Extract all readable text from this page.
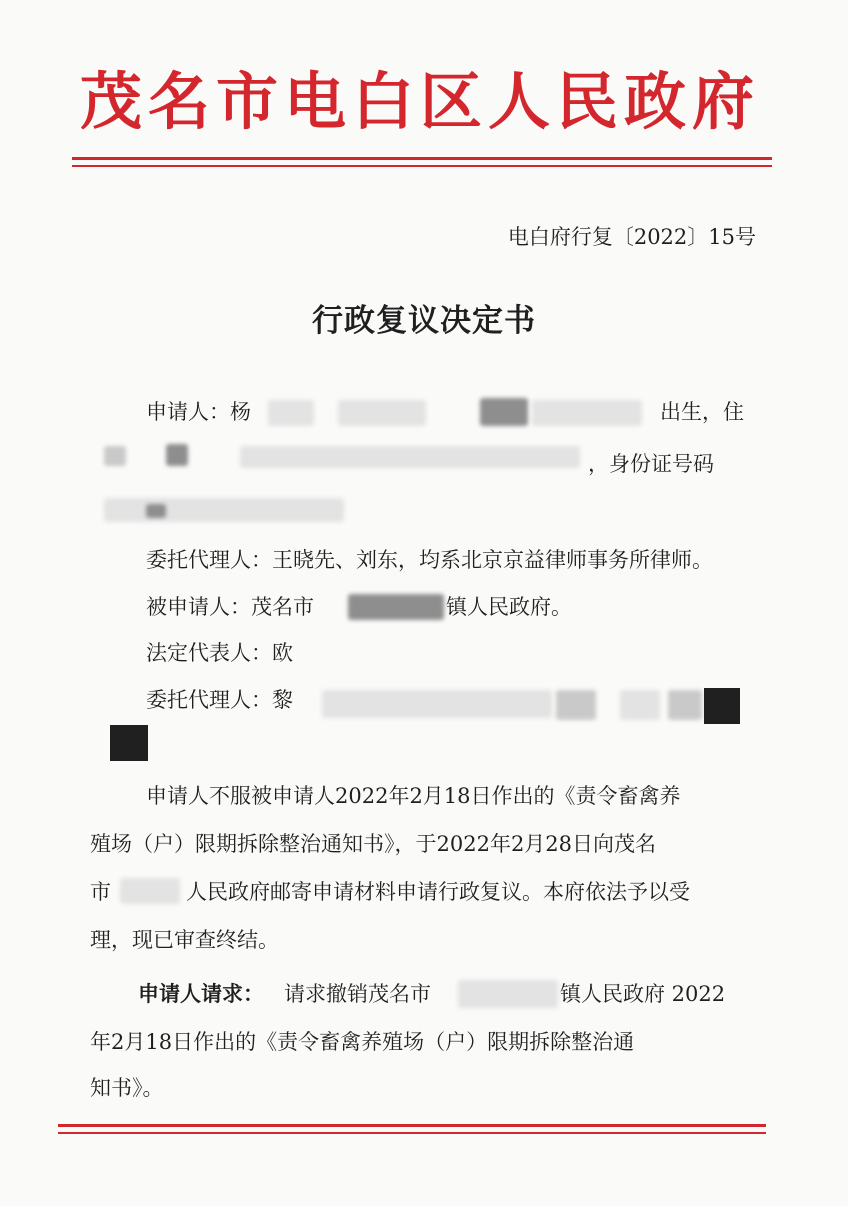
茂名市电白区人民政府
电白府行复〔2022〕15号
行政复议决定书
申请人：杨	出生，住
，身份证号码
委托代理人：王晓先、刘东，均系北京京益律师事务所律师。
被申请人：茂名市	镇人民政府。
法定代表人：欧
委托代理人：黎
申请人不服被申请人2022年2月18日作出的《责令畜禽养
殖场（户）限期拆除整治通知书》，于2022年2月28日向茂名
市	人民政府邮寄申请材料申请行政复议。本府依法予以受
理，现已审查终结。
申请人请求： 请求撤销茂名市	镇人民政府 2022
年2月18日作出的《责令畜禽养殖场（户）限期拆除整治通
知书》。
